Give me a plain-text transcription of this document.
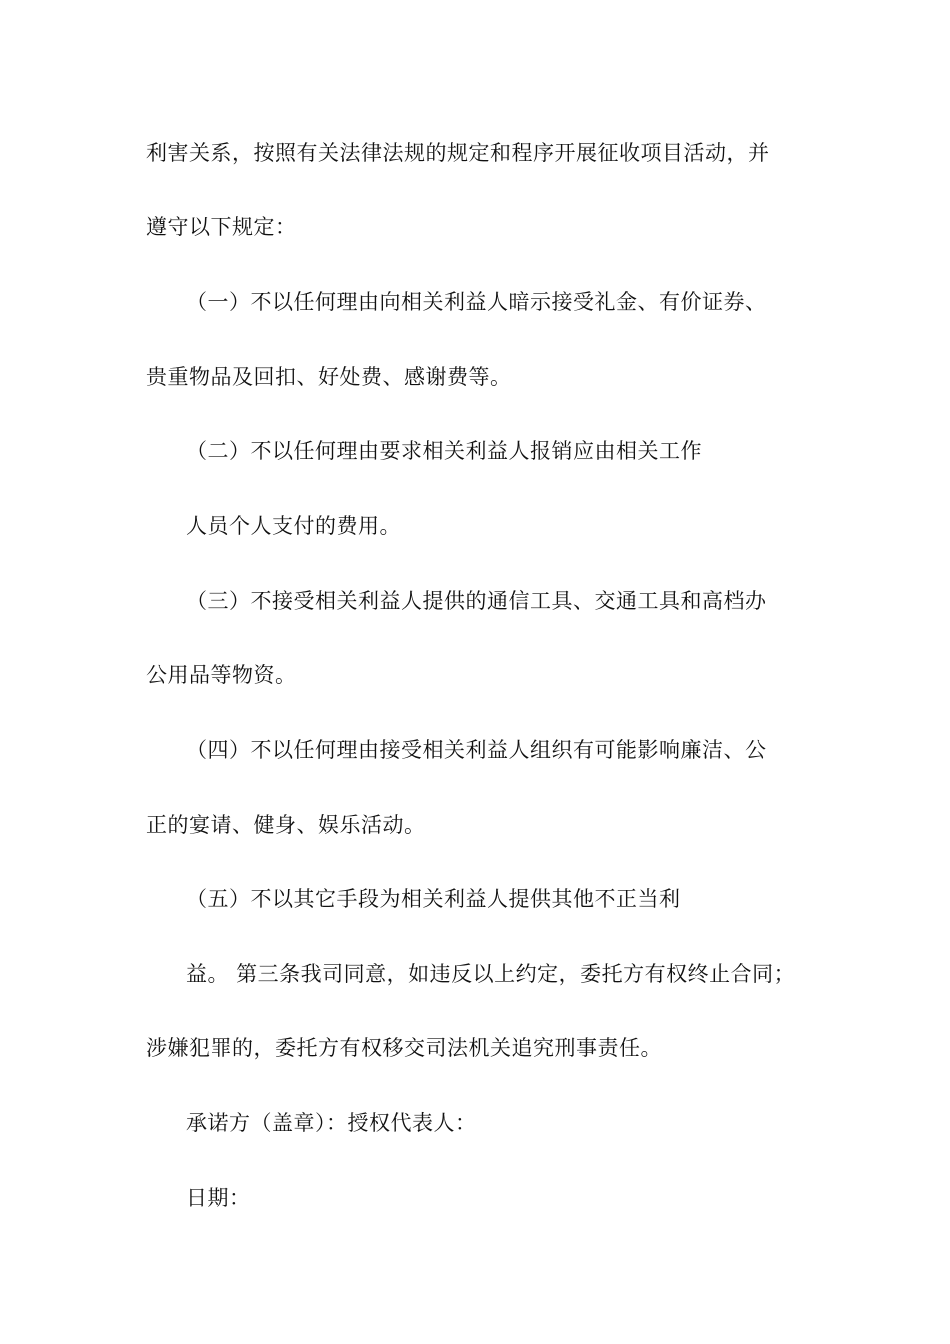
利害关系，按照有关法律法规的规定和程序开展征收项目活动，并
遵守以下规定：
（一）不以任何理由向相关利益人暗示接受礼金、有价证券、
贵重物品及回扣、好处费、感谢费等。
（二）不以任何理由要求相关利益人报销应由相关工作
人员个人支付的费用。
（三）不接受相关利益人提供的通信工具、交通工具和高档办
公用品等物资。
（四）不以任何理由接受相关利益人组织有可能影响廉洁、公
正的宴请、健身、娱乐活动。
（五）不以其它手段为相关利益人提供其他不正当利
益。 第三条我司同意，如违反以上约定，委托方有权终止合同；
涉嫌犯罪的，委托方有权移交司法机关追究刑事责任。
承诺方（盖章）：授权代表人：
日期：
